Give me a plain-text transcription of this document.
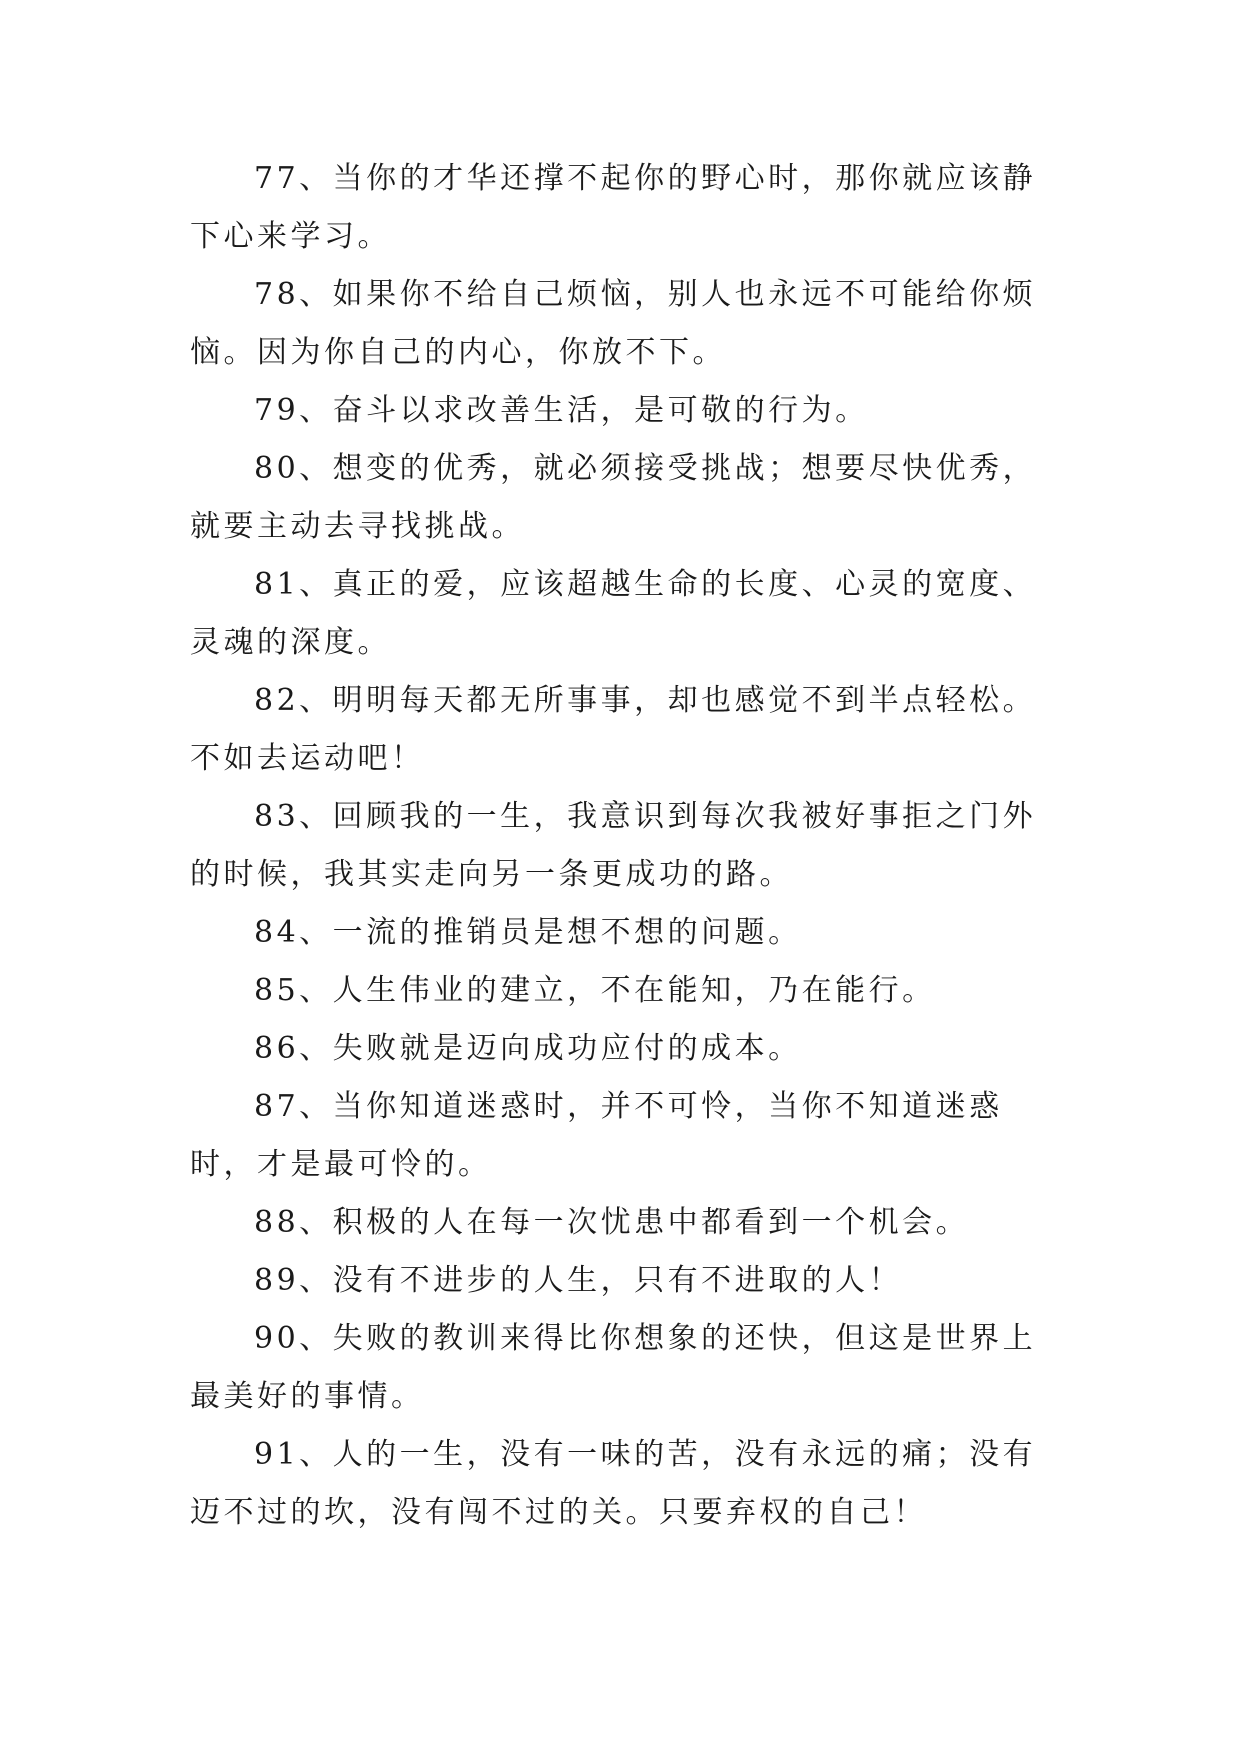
77、当你的才华还撑不起你的野心时，那你就应该静下心来学习。

78、如果你不给自己烦恼，别人也永远不可能给你烦恼。因为你自己的内心，你放不下。

79、奋斗以求改善生活，是可敬的行为。

80、想变的优秀，就必须接受挑战；想要尽快优秀，就要主动去寻找挑战。

81、真正的爱，应该超越生命的长度、心灵的宽度、灵魂的深度。

82、明明每天都无所事事，却也感觉不到半点轻松。不如去运动吧！

83、回顾我的一生，我意识到每次我被好事拒之门外的时候，我其实走向另一条更成功的路。

84、一流的推销员是想不想的问题。

85、人生伟业的建立，不在能知，乃在能行。

86、失败就是迈向成功应付的成本。

87、当你知道迷惑时，并不可怜，当你不知道迷惑时，才是最可怜的。

88、积极的人在每一次忧患中都看到一个机会。

89、没有不进步的人生，只有不进取的人！

90、失败的教训来得比你想象的还快，但这是世界上最美好的事情。

91、人的一生，没有一味的苦，没有永远的痛；没有迈不过的坎，没有闯不过的关。只要弃权的自己！
